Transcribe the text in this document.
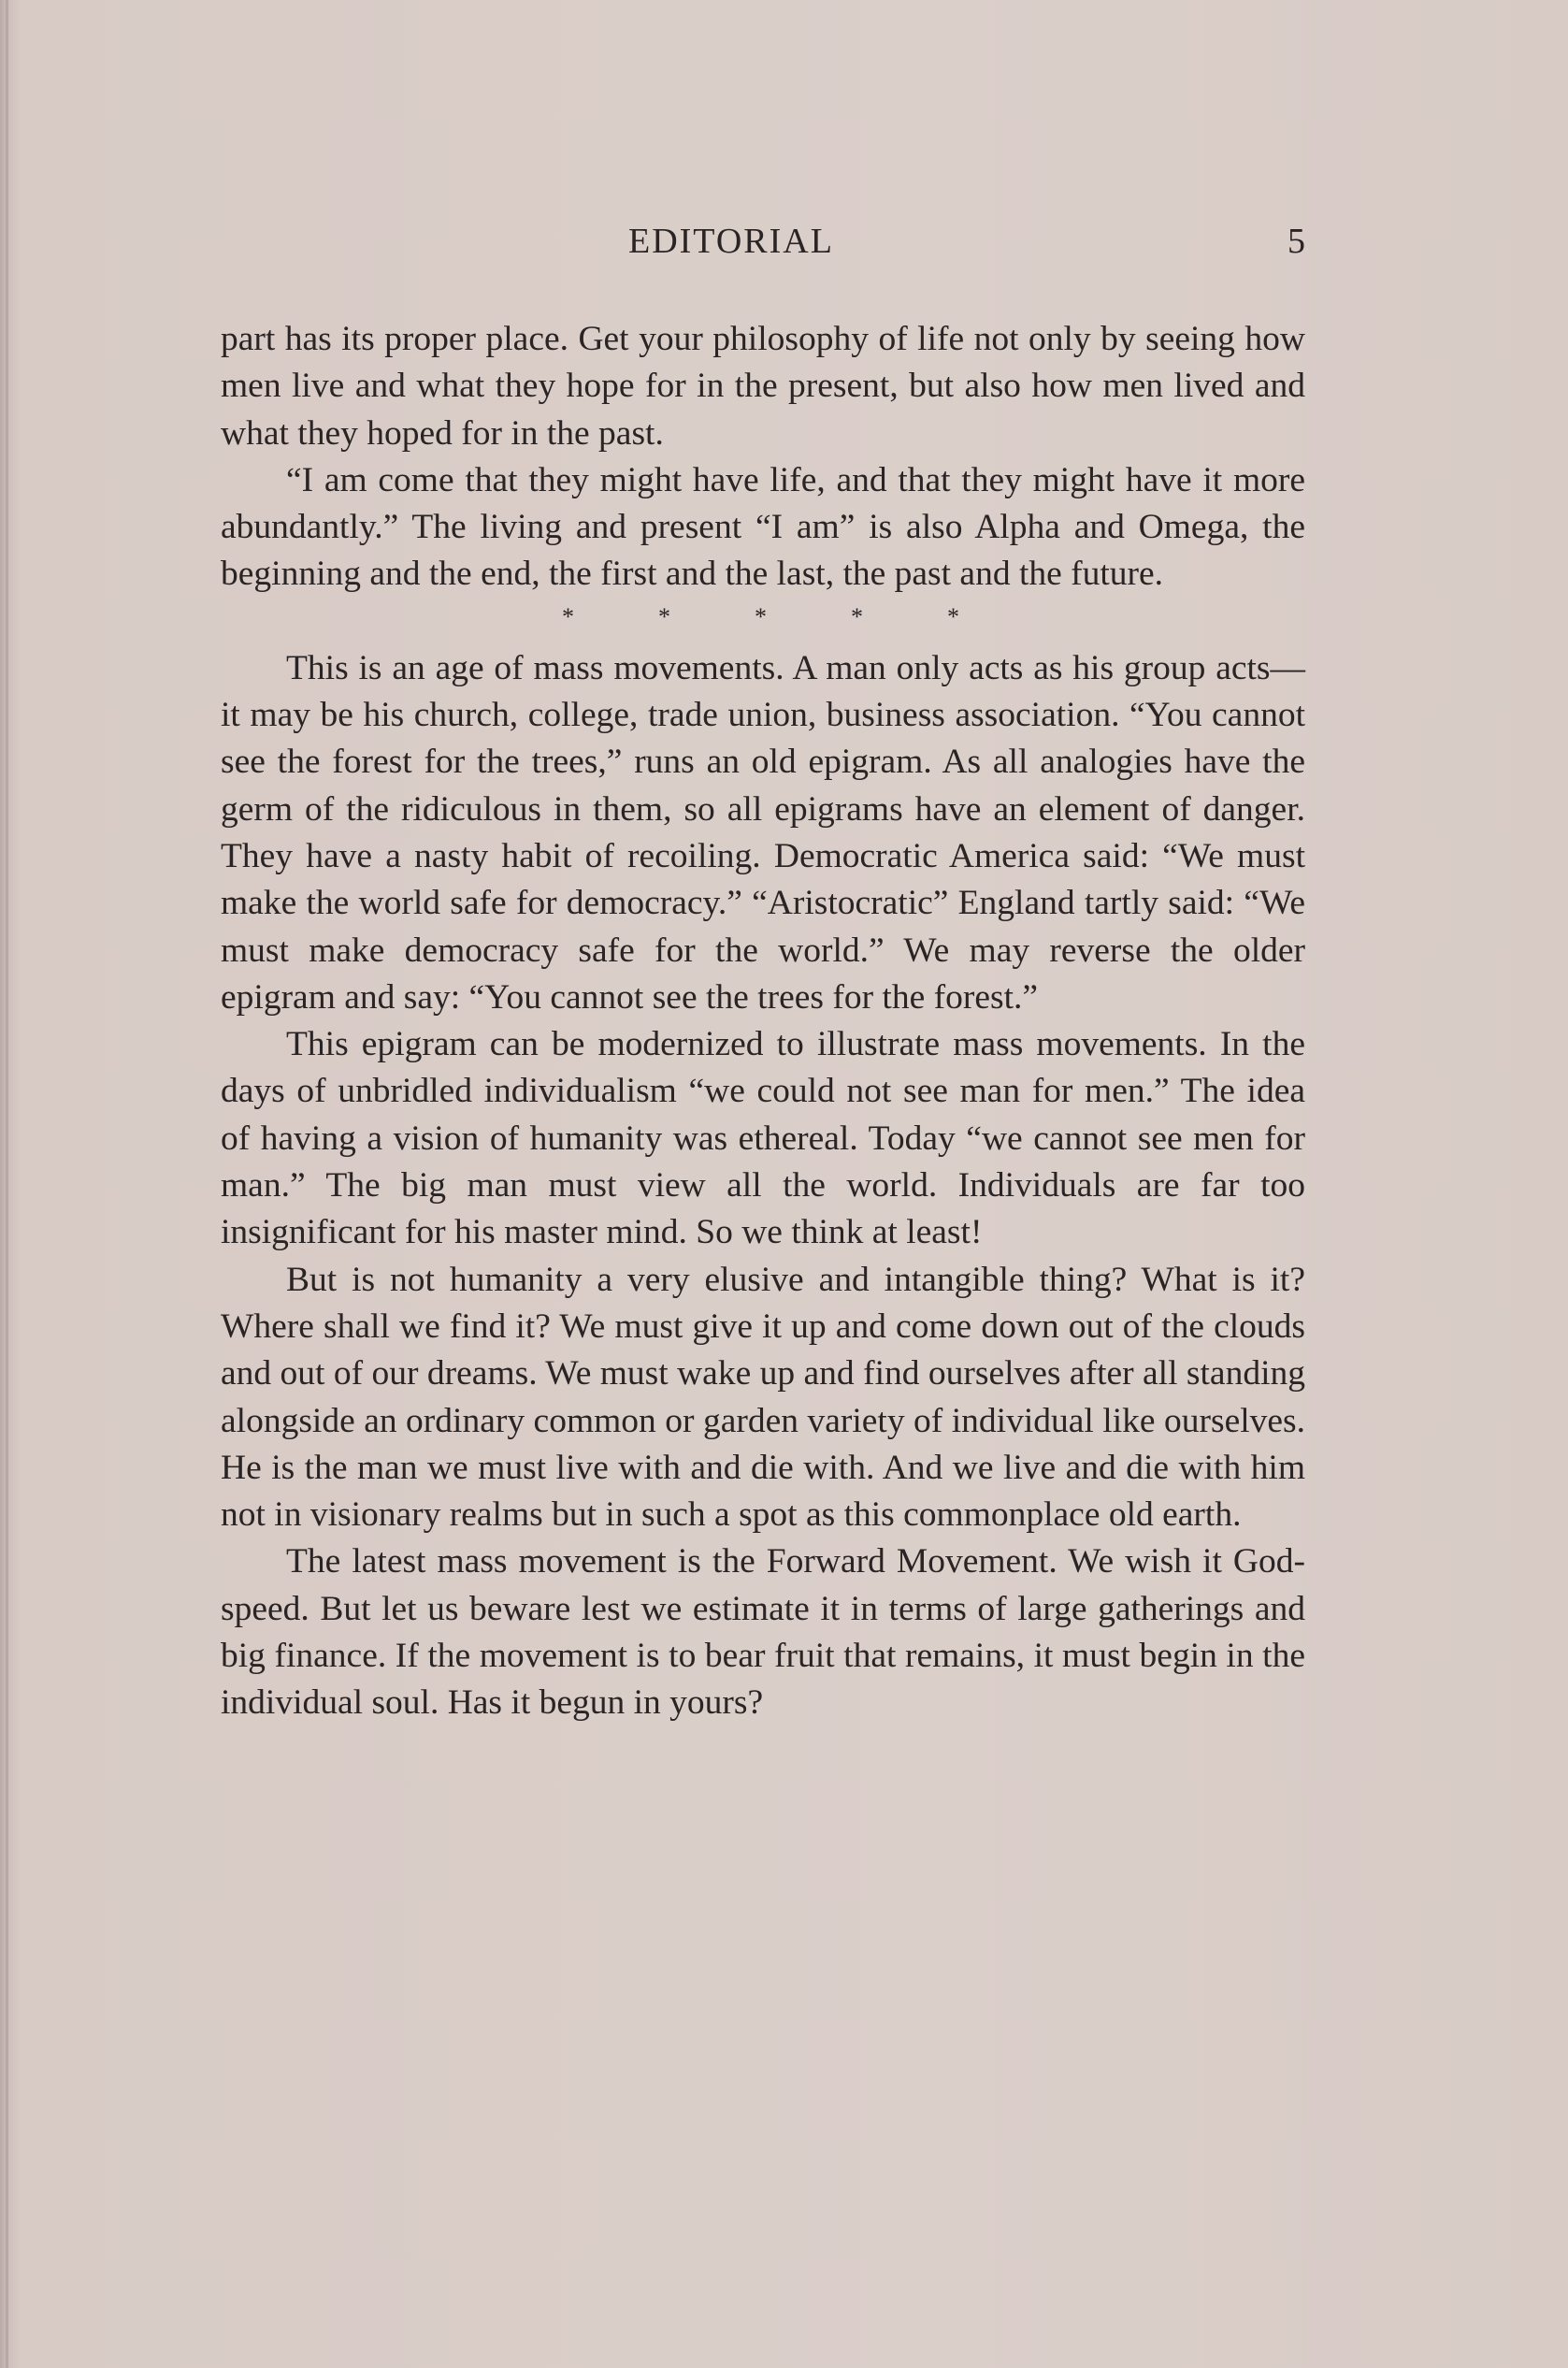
EDITORIAL	5

part has its proper place. Get your philosophy of life not only by seeing how men live and what they hope for in the present, but also how men lived and what they hoped for in the past.

“I am come that they might have life, and that they might have it more abundantly.” The living and present “I am” is also Alpha and Omega, the beginning and the end, the first and the last, the past and the future.

*	*	*	*	*

This is an age of mass movements. A man only acts as his group acts—it may be his church, college, trade union, business association. “You cannot see the forest for the trees,” runs an old epigram. As all analogies have the germ of the ridiculous in them, so all epigrams have an element of danger. They have a nasty habit of recoiling. Democratic America said: “We must make the world safe for democracy.” “Aristocratic” England tartly said: “We must make democracy safe for the world.” We may reverse the older epigram and say: “You cannot see the trees for the forest.”

This epigram can be modernized to illustrate mass movements. In the days of unbridled individualism “we could not see man for men.” The idea of having a vision of humanity was ethereal. Today “we cannot see men for man.” The big man must view all the world. Individuals are far too insignificant for his master mind. So we think at least!

But is not humanity a very elusive and intangible thing? What is it? Where shall we find it? We must give it up and come down out of the clouds and out of our dreams. We must wake up and find ourselves after all standing alongside an ordinary common or garden variety of individual like ourselves. He is the man we must live with and die with. And we live and die with him not in visionary realms but in such a spot as this commonplace old earth.

The latest mass movement is the Forward Movement. We wish it God-speed. But let us beware lest we estimate it in terms of large gatherings and big finance. If the movement is to bear fruit that remains, it must begin in the individual soul. Has it begun in yours?
